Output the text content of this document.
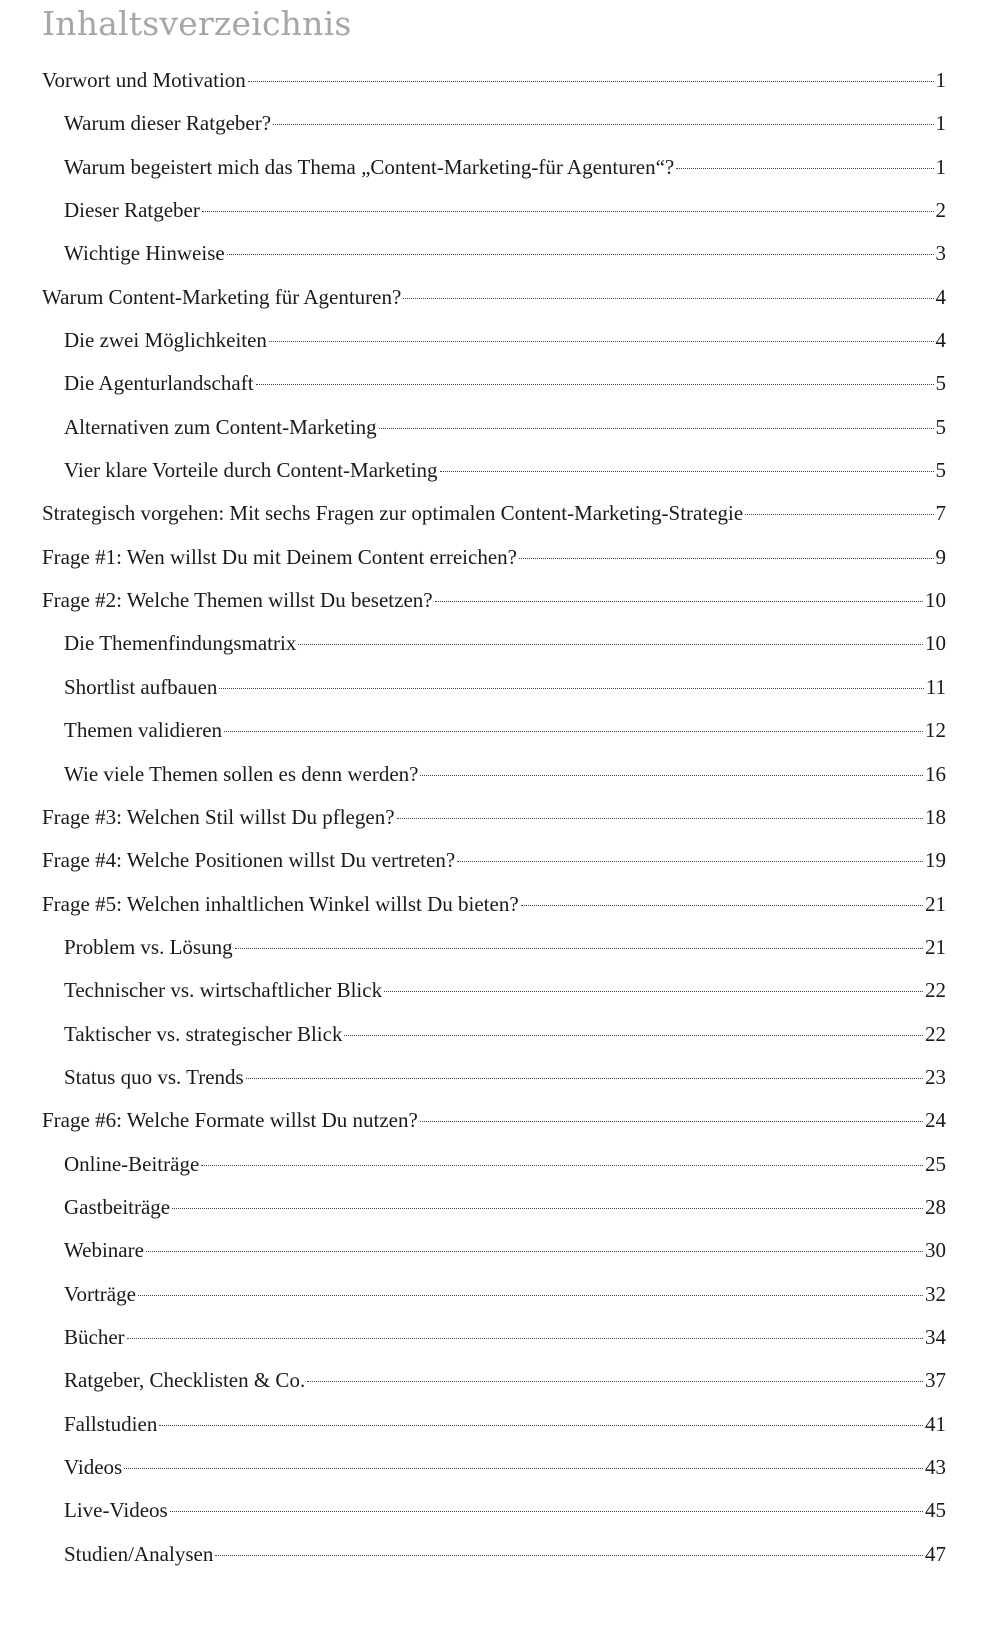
Inhaltsverzeichnis
Vorwort und Motivation	1
Warum dieser Ratgeber?	1
Warum begeistert mich das Thema „Content-Marketing-für Agenturen“?	1
Dieser Ratgeber	2
Wichtige Hinweise	3
Warum Content-Marketing für Agenturen?	4
Die zwei Möglichkeiten	4
Die Agenturlandschaft	5
Alternativen zum Content-Marketing	5
Vier klare Vorteile durch Content-Marketing	5
Strategisch vorgehen: Mit sechs Fragen zur optimalen Content-Marketing-Strategie	7
Frage #1: Wen willst Du mit Deinem Content erreichen?	9
Frage #2: Welche Themen willst Du besetzen?	10
Die Themenfindungsmatrix	10
Shortlist aufbauen	11
Themen validieren	12
Wie viele Themen sollen es denn werden?	16
Frage #3: Welchen Stil willst Du pflegen?	18
Frage #4: Welche Positionen willst Du vertreten?	19
Frage #5: Welchen inhaltlichen Winkel willst Du bieten?	21
Problem vs. Lösung	21
Technischer vs. wirtschaftlicher Blick	22
Taktischer vs. strategischer Blick	22
Status quo vs. Trends	23
Frage #6: Welche Formate willst Du nutzen?	24
Online-Beiträge	25
Gastbeiträge	28
Webinare	30
Vorträge	32
Bücher	34
Ratgeber, Checklisten & Co.	37
Fallstudien	41
Videos	43
Live-Videos	45
Studien/Analysen	47
